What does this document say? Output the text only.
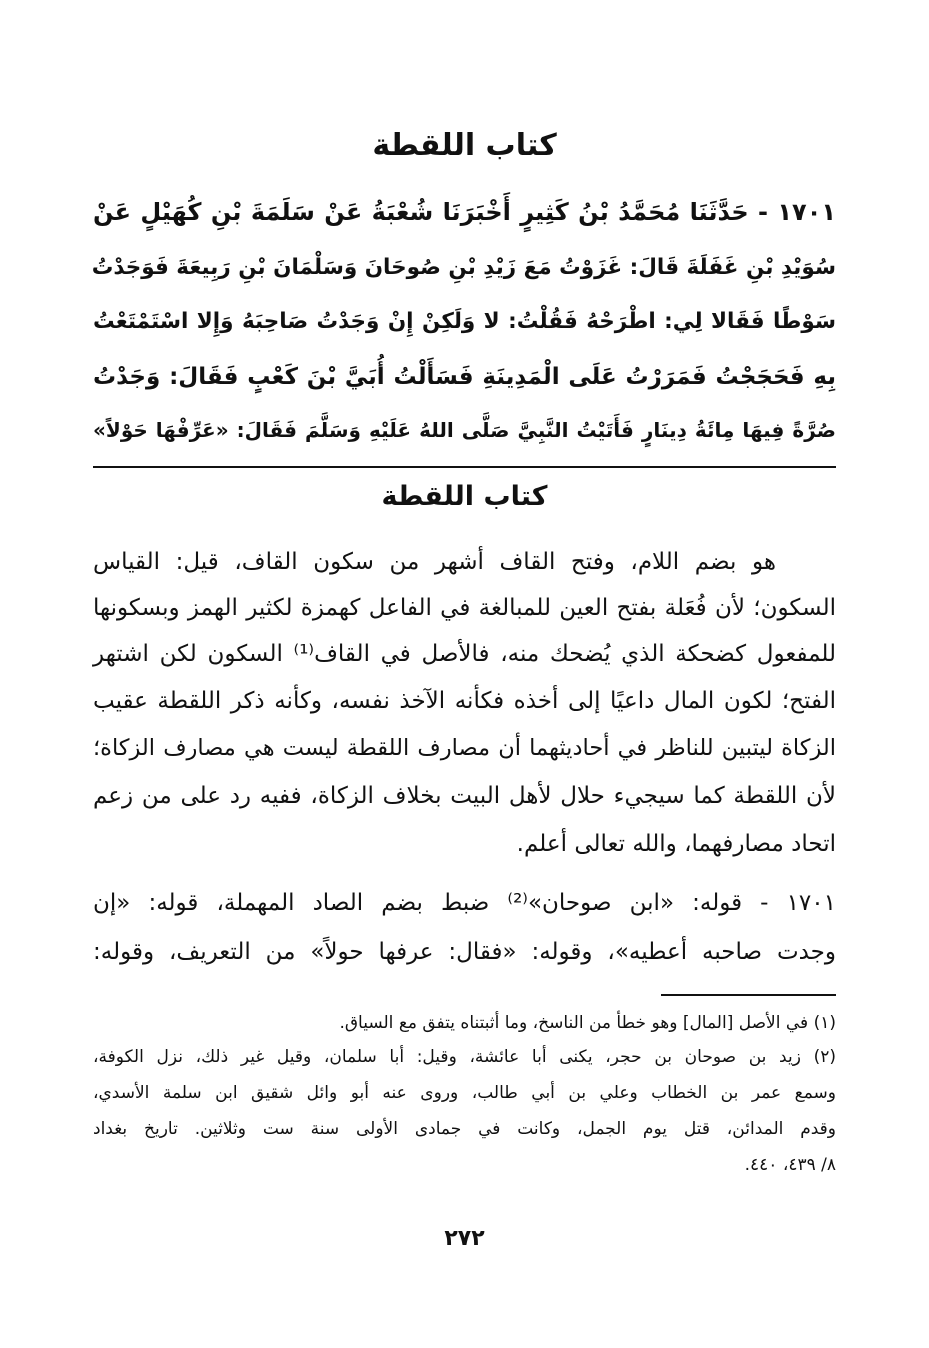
كتاب اللقطة
١٧٠١ - حَدَّثَنَا مُحَمَّدُ بْنُ كَثِيرٍ أَخْبَرَنَا شُعْبَةُ عَنْ سَلَمَةَ بْنِ كُهَيْلٍ عَنْ
سُوَيْدِ بْنِ غَفَلَةَ قَالَ: غَزَوْتُ مَعَ زَيْدِ بْنِ صُوحَانَ وَسَلْمَانَ بْنِ رَبِيعَةَ فَوَجَدْتُ
سَوْطًا فَقَالا لِي: اطْرَحْهُ فَقُلْتُ: لا وَلَكِنْ إِنْ وَجَدْتُ صَاحِبَهُ وَإِلا اسْتَمْتَعْتُ
بِهِ فَحَجَجْتُ فَمَرَرْتُ عَلَى الْمَدِينَةِ فَسَأَلْتُ أُبَيَّ بْنَ كَعْبٍ فَقَالَ: وَجَدْتُ
صُرَّةً فِيهَا مِائَةُ دِينَارٍ فَأَتَيْتُ النَّبِيَّ صَلَّى اللهُ عَلَيْهِ وَسَلَّمَ فَقَالَ: «عَرِّفْهَا حَوْلاً»
كتاب اللقطة
هو بضم اللام، وفتح القاف أشهر من سكون القاف، قيل: القياس
السكون؛ لأن فُعَلة بفتح العين للمبالغة في الفاعل كهمزة لكثير الهمز وبسكونها
للمفعول كضحكة الذي يُضحك منه، فالأصل في القاف⁽¹⁾ السكون لكن اشتهر
الفتح؛ لكون المال داعيًا إلى أخذه فكأنه الآخذ نفسه، وكأنه ذكر اللقطة عقيب
الزكاة ليتبين للناظر في أحاديثهما أن مصارف اللقطة ليست هي مصارف الزكاة؛
لأن اللقطة كما سيجيء حلال لأهل البيت بخلاف الزكاة، ففيه رد على من زعم
اتحاد مصارفهما، والله تعالى أعلم.
١٧٠١ - قوله: «ابن صوحان»⁽²⁾ ضبط بضم الصاد المهملة، قوله: «إن
وجدت صاحبه أعطيه»، وقوله: «فقال: عرفها حولاً» من التعريف، وقوله:
(١) في الأصل [المال] وهو خطأ من الناسخ، وما أثبتناه يتفق مع السياق.
(٢) زيد بن صوحان بن حجر، يكنى أبا عائشة، وقيل: أبا سلمان، وقيل غير ذلك، نزل الكوفة،
وسمع عمر بن الخطاب وعلي بن أبي طالب، وروى عنه أبو وائل شقيق ابن سلمة الأسدي،
وقدم المدائن، قتل يوم الجمل، وكانت في جمادى الأولى سنة ست وثلاثين. تاريخ بغداد
٨/ ٤٣٩، ٤٤٠.
٢٧٢
